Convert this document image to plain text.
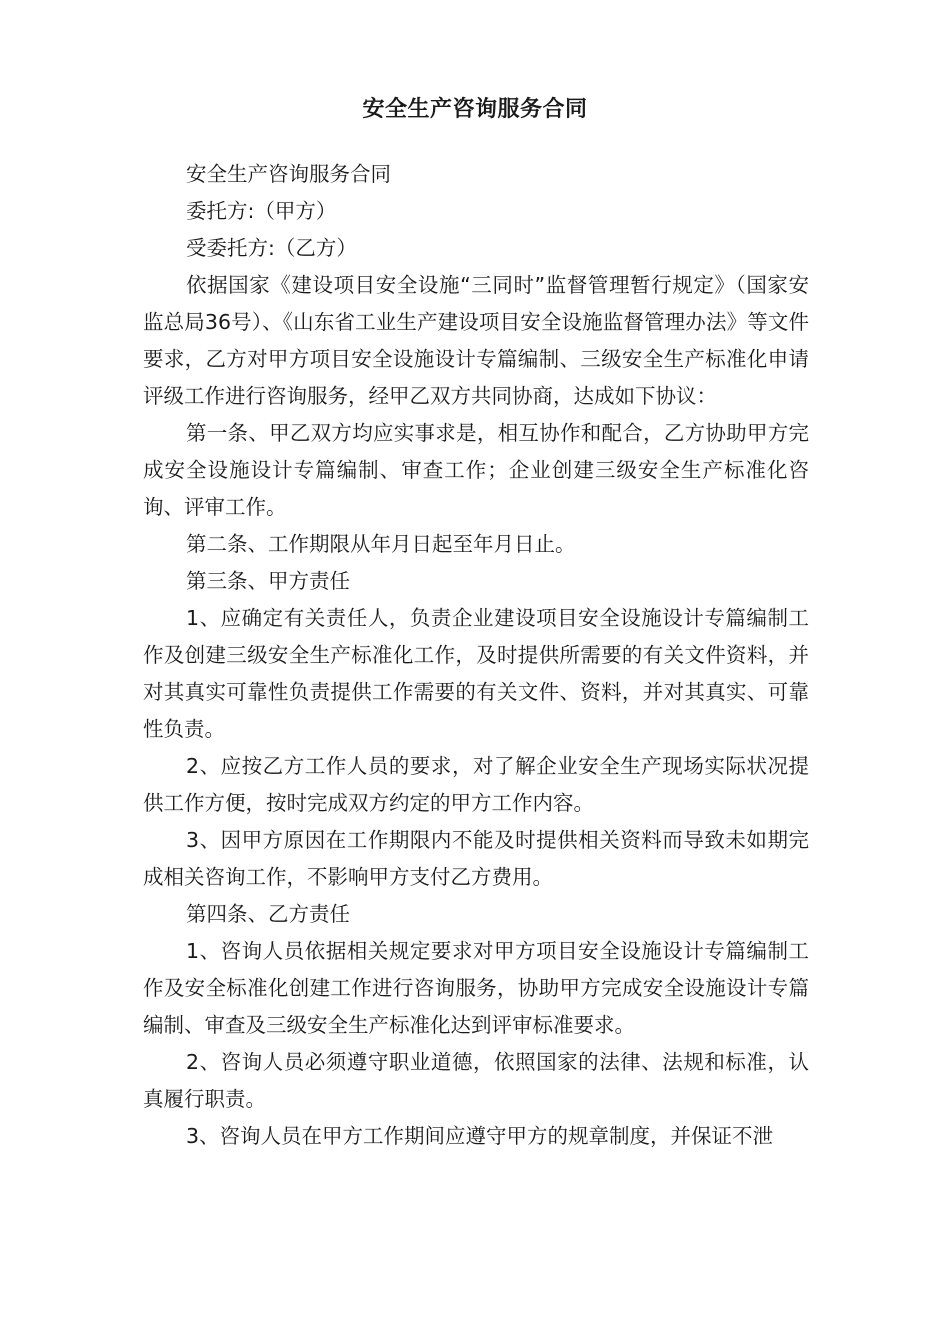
安全生产咨询服务合同

安全生产咨询服务合同

委托方:（甲方）

受委托方:（乙方）

依据国家《建设项目安全设施“三同时”监督管理暂行规定》（国家安监总局36号）、《山东省工业生产建设项目安全设施监督管理办法》等文件要求，乙方对甲方项目安全设施设计专篇编制、三级安全生产标准化申请评级工作进行咨询服务，经甲乙双方共同协商，达成如下协议：

第一条、甲乙双方均应实事求是，相互协作和配合，乙方协助甲方完成安全设施设计专篇编制、审查工作；企业创建三级安全生产标准化咨询、评审工作。

第二条、工作期限从年月日起至年月日止。

第三条、甲方责任

1、应确定有关责任人，负责企业建设项目安全设施设计专篇编制工作及创建三级安全生产标准化工作，及时提供所需要的有关文件资料，并对其真实可靠性负责提供工作需要的有关文件、资料，并对其真实、可靠性负责。

2、应按乙方工作人员的要求，对了解企业安全生产现场实际状况提供工作方便，按时完成双方约定的甲方工作内容。

3、因甲方原因在工作期限内不能及时提供相关资料而导致未如期完成相关咨询工作，不影响甲方支付乙方费用。

第四条、乙方责任

1、咨询人员依据相关规定要求对甲方项目安全设施设计专篇编制工作及安全标准化创建工作进行咨询服务，协助甲方完成安全设施设计专篇编制、审查及三级安全生产标准化达到评审标准要求。

2、咨询人员必须遵守职业道德，依照国家的法律、法规和标准，认真履行职责。

3、咨询人员在甲方工作期间应遵守甲方的规章制度，并保证不泄
